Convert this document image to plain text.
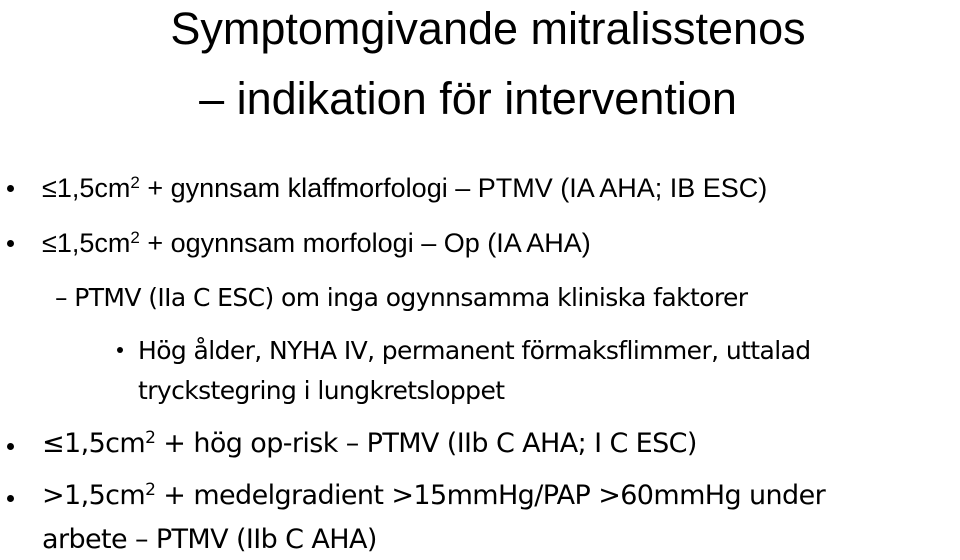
Symptomgivande mitralisstenos
– indikation för intervention
$\le 1,5cm^2$ + gynnsam klaffmorfologi – PTMV (IA AHA; IB ESC)
$\le 1,5cm^2$ + ogynnsam morfologi – Op (IA AHA)
– PTMV (IIa C ESC) om inga ogynnsamma kliniska faktorer
Hög ålder, NYHA IV, permanent förmaksflimmer, uttalad
tryckstegring i lungkretsloppet
$\le 1,5cm^2$ + hög op-risk – PTMV (IIb C AHA; I C ESC)
$>1,5cm^2$ + medelgradient >15mmHg/PAP >60mmHg under
arbete – PTMV (IIb C AHA)
